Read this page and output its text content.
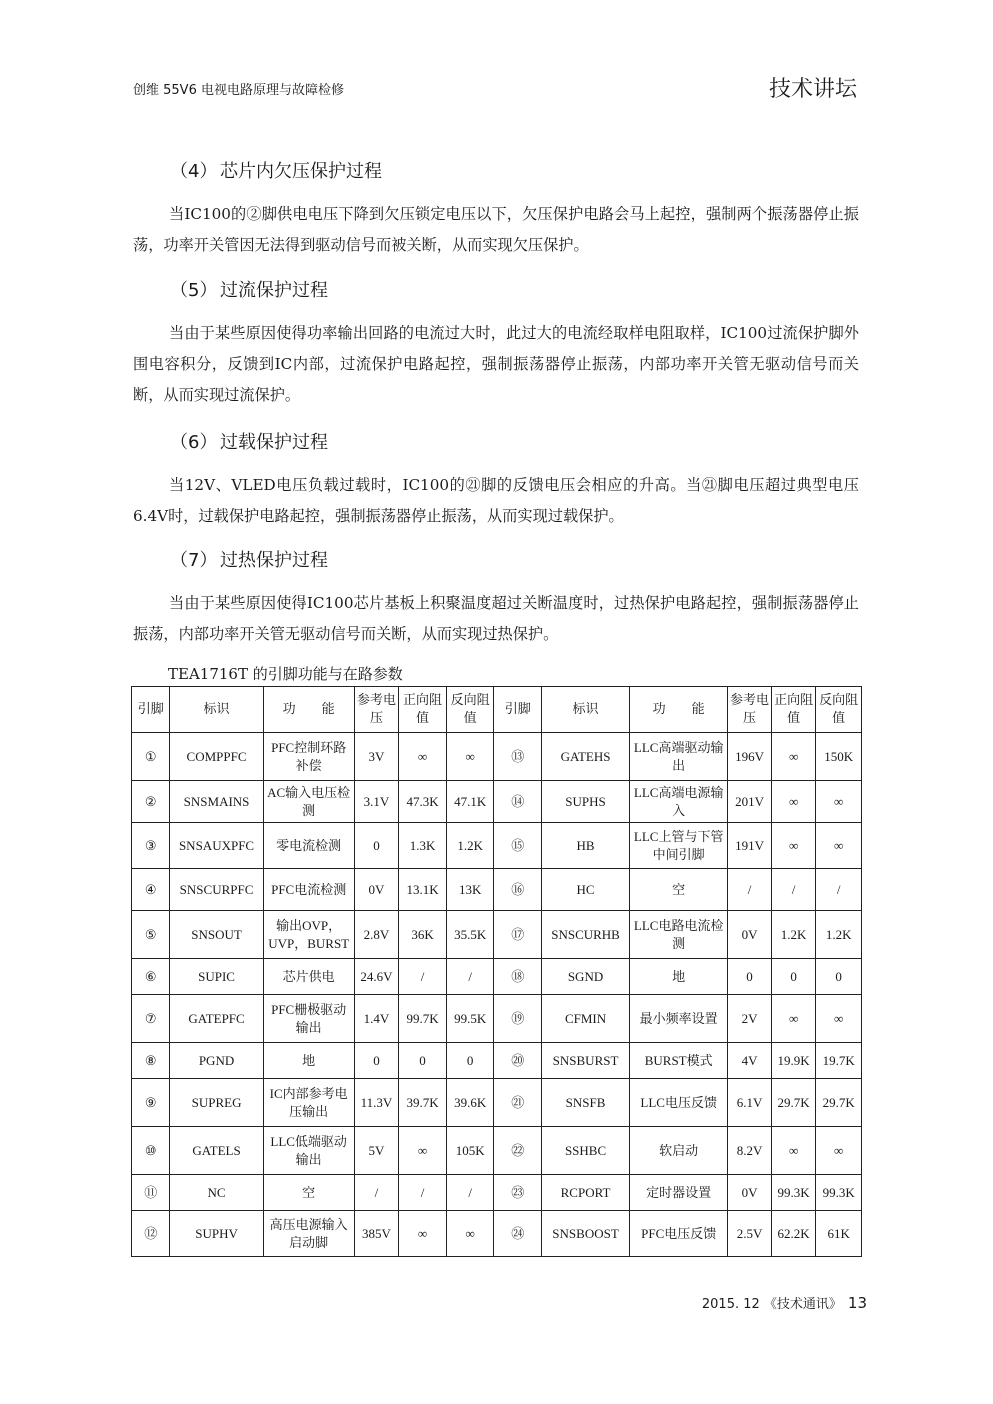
创维 55V6 电视电路原理与故障检修	技术讲坛
（4） 芯片内欠压保护过程
当IC100的②脚供电电压下降到欠压锁定电压以下，欠压保护电路会马上起控，强制两个振荡器停止振荡，功率开关管因无法得到驱动信号而被关断，从而实现欠压保护。
（5） 过流保护过程
当由于某些原因使得功率输出回路的电流过大时，此过大的电流经取样电阻取样，IC100过流保护脚外围电容积分，反馈到IC内部，过流保护电路起控，强制振荡器停止振荡，内部功率开关管无驱动信号而关断，从而实现过流保护。
（6） 过载保护过程
当12V、VLED电压负载过载时，IC100的㉑脚的反馈电压会相应的升高。当㉑脚电压超过典型电压6.4V时，过载保护电路起控，强制振荡器停止振荡，从而实现过载保护。
（7） 过热保护过程
当由于某些原因使得IC100芯片基板上积聚温度超过关断温度时，过热保护电路起控，强制振荡器停止振荡，内部功率开关管无驱动信号而关断，从而实现过热保护。
TEA1716T 的引脚功能与在路参数
引脚	标识	功　　能	参考电压	正向阻值	反向阻值	引脚	标识	功　　能	参考电压	正向阻值	反向阻值
①	COMPPFC	PFC控制环路补偿	3V	∞	∞	⑬	GATEHS	LLC高端驱动输出	196V	∞	150K
②	SNSMAINS	AC输入电压检测	3.1V	47.3K	47.1K	⑭	SUPHS	LLC高端电源输入	201V	∞	∞
③	SNSAUXPFC	零电流检测	0	1.3K	1.2K	⑮	HB	LLC上管与下管中间引脚	191V	∞	∞
④	SNSCURPFC	PFC电流检测	0V	13.1K	13K	⑯	HC	空	/	/	/
⑤	SNSOUT	输出OVP，UVP，BURST	2.8V	36K	35.5K	⑰	SNSCURHB	LLC电路电流检测	0V	1.2K	1.2K
⑥	SUPIC	芯片供电	24.6V	/	/	⑱	SGND	地	0	0	0
⑦	GATEPFC	PFC栅极驱动输出	1.4V	99.7K	99.5K	⑲	CFMIN	最小频率设置	2V	∞	∞
⑧	PGND	地	0	0	0	⑳	SNSBURST	BURST模式	4V	19.9K	19.7K
⑨	SUPREG	IC内部参考电压输出	11.3V	39.7K	39.6K	㉑	SNSFB	LLC电压反馈	6.1V	29.7K	29.7K
⑩	GATELS	LLC低端驱动输出	5V	∞	105K	㉒	SSHBC	软启动	8.2V	∞	∞
⑪	NC	空	/	/	/	㉓	RCPORT	定时器设置	0V	99.3K	99.3K
⑫	SUPHV	高压电源输入启动脚	385V	∞	∞	㉔	SNSBOOST	PFC电压反馈	2.5V	62.2K	61K
2015. 12 《技术通讯》 13
